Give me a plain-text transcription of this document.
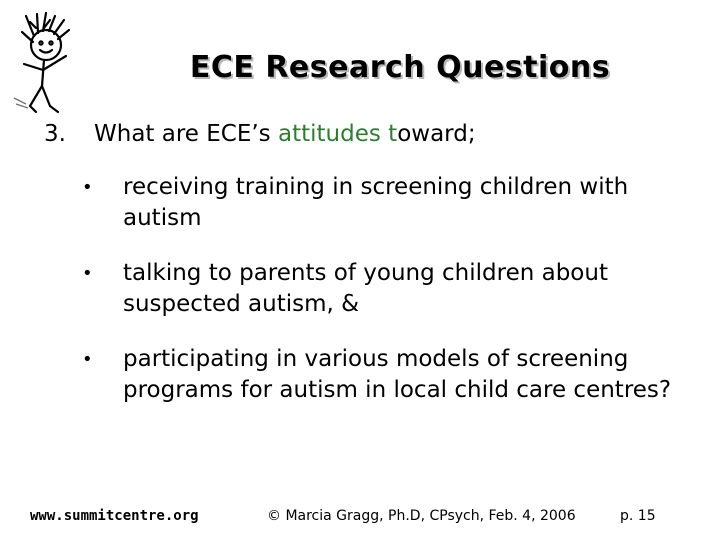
ECE Research Questions
3. What are ECE’s attitudes toward;
•	receiving training in screening children with autism
•	talking to parents of young children about suspected autism, &
•	participating in various models of screening programs for autism in local child care centres?
www.summitcentre.org	© Marcia Gragg, Ph.D, CPsych, Feb. 4, 2006	p. 15
